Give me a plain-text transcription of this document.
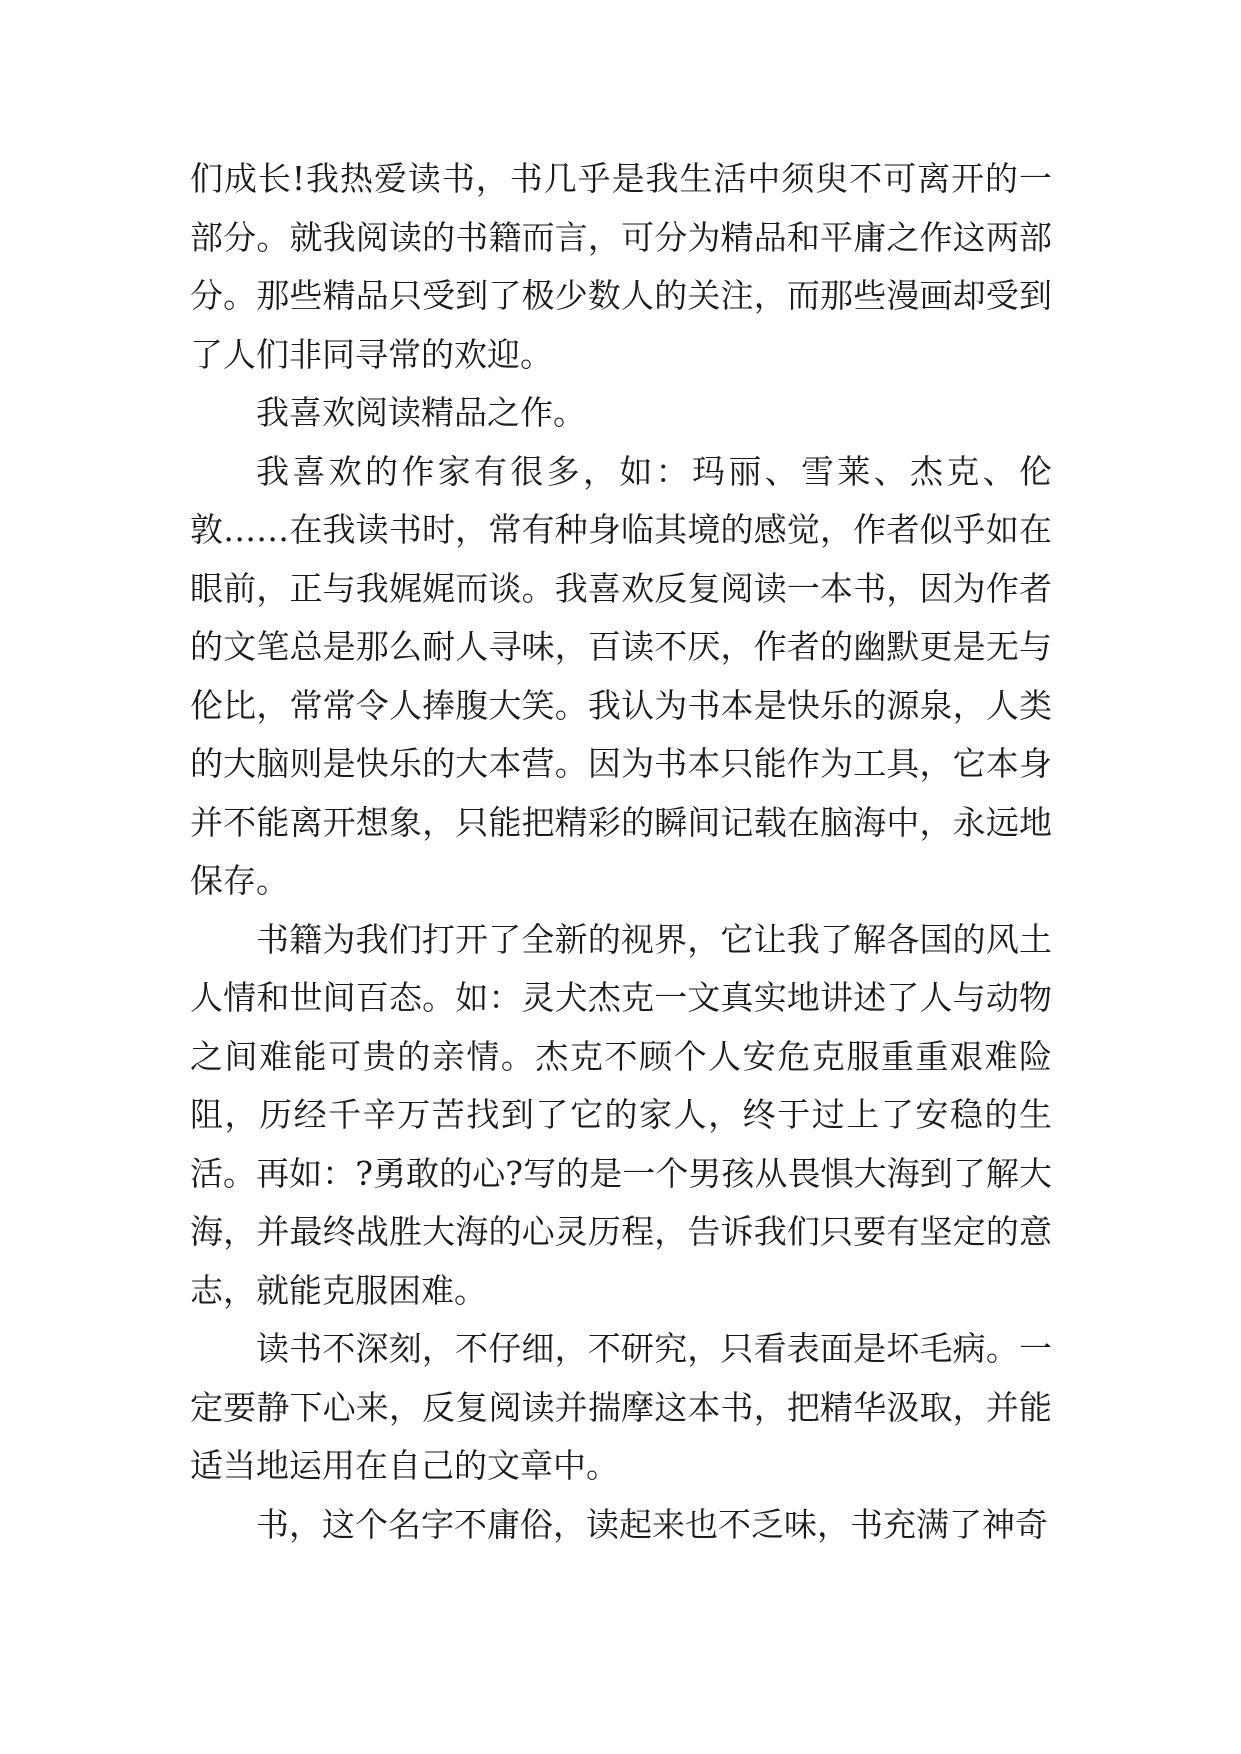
们成长!我热爱读书，书几乎是我生活中须臾不可离开的一部分。就我阅读的书籍而言，可分为精品和平庸之作这两部分。那些精品只受到了极少数人的关注，而那些漫画却受到了人们非同寻常的欢迎。

我喜欢阅读精品之作。

我喜欢的作家有很多，如：玛丽、雪莱、杰克、伦敦……在我读书时，常有种身临其境的感觉，作者似乎如在眼前，正与我娓娓而谈。我喜欢反复阅读一本书，因为作者的文笔总是那么耐人寻味，百读不厌，作者的幽默更是无与伦比，常常令人捧腹大笑。我认为书本是快乐的源泉，人类的大脑则是快乐的大本营。因为书本只能作为工具，它本身并不能离开想象，只能把精彩的瞬间记载在脑海中，永远地保存。

书籍为我们打开了全新的视界，它让我了解各国的风土人情和世间百态。如：灵犬杰克一文真实地讲述了人与动物之间难能可贵的亲情。杰克不顾个人安危克服重重艰难险阻，历经千辛万苦找到了它的家人，终于过上了安稳的生活。再如：?勇敢的心?写的是一个男孩从畏惧大海到了解大海，并最终战胜大海的心灵历程，告诉我们只要有坚定的意志，就能克服困难。

读书不深刻，不仔细，不研究，只看表面是坏毛病。一定要静下心来，反复阅读并揣摩这本书，把精华汲取，并能适当地运用在自己的文章中。

书，这个名字不庸俗，读起来也不乏味，书充满了神奇
